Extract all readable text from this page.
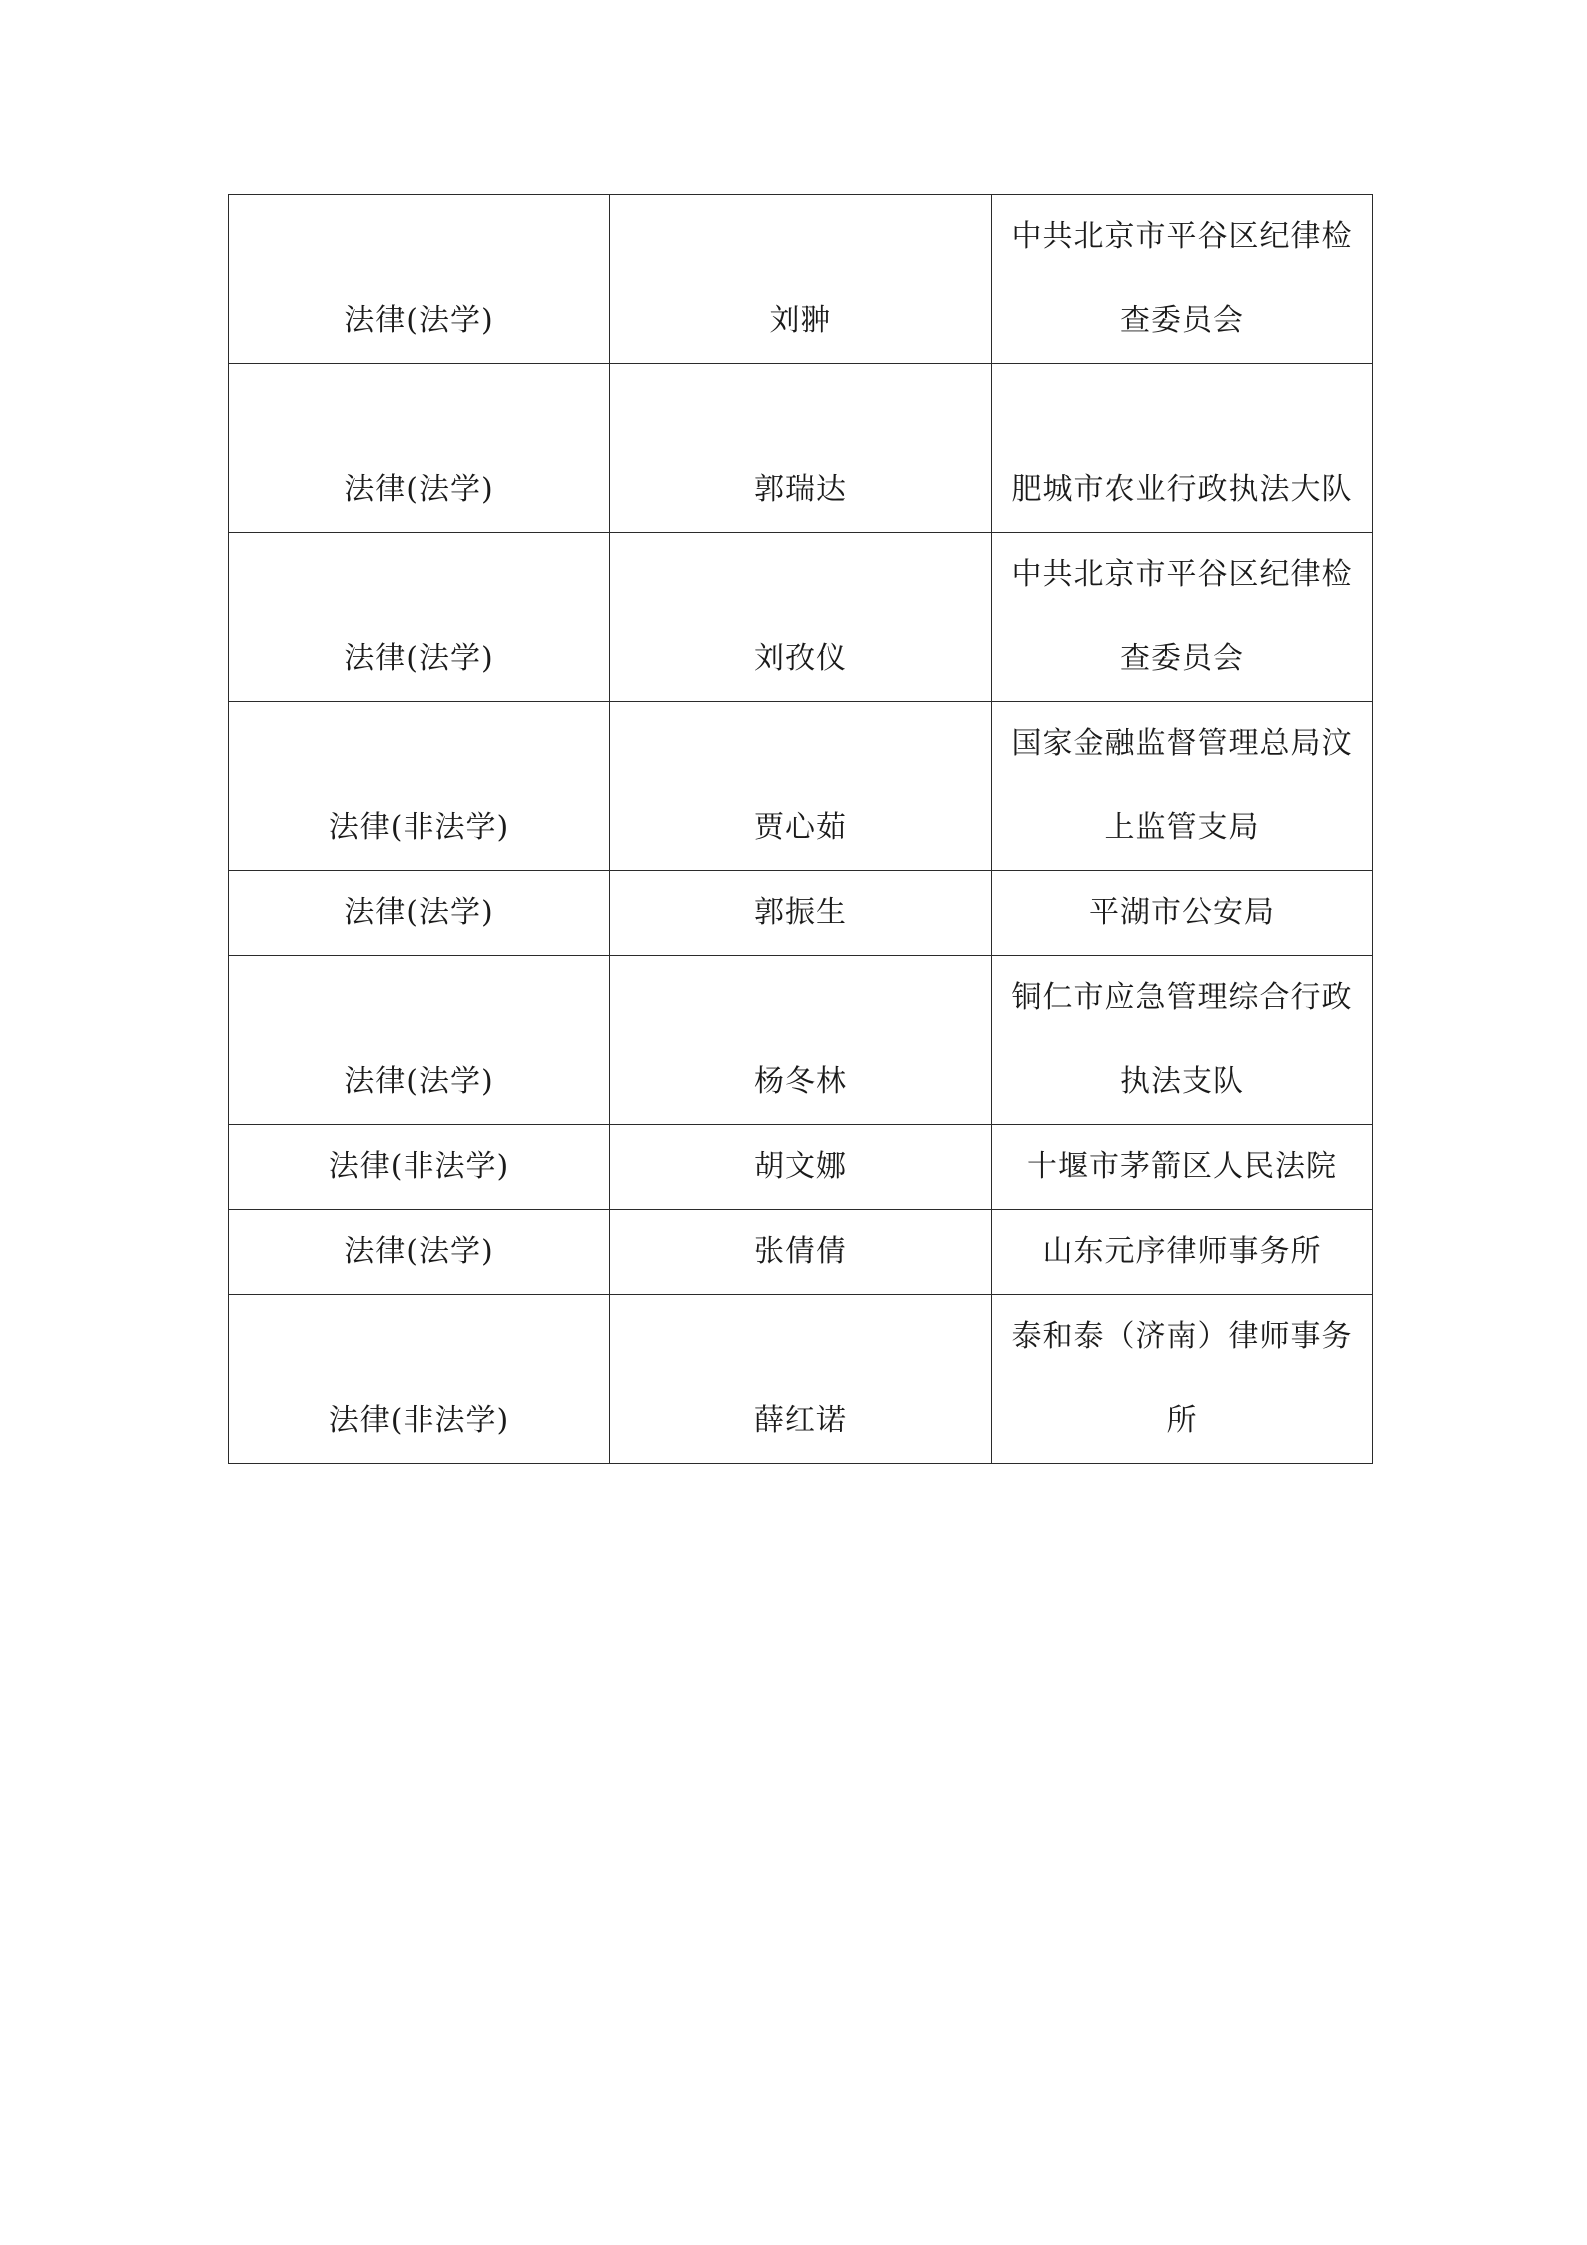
法律(法学)	刘翀	中共北京市平谷区纪律检查委员会
法律(法学)	郭瑞达	肥城市农业行政执法大队
法律(法学)	刘孜仪	中共北京市平谷区纪律检查委员会
法律(非法学)	贾心茹	国家金融监督管理总局汶上监管支局
法律(法学)	郭振生	平湖市公安局
法律(法学)	杨冬林	铜仁市应急管理综合行政执法支队
法律(非法学)	胡文娜	十堰市茅箭区人民法院
法律(法学)	张倩倩	山东元序律师事务所
法律(非法学)	薛红诺	泰和泰（济南）律师事务所
